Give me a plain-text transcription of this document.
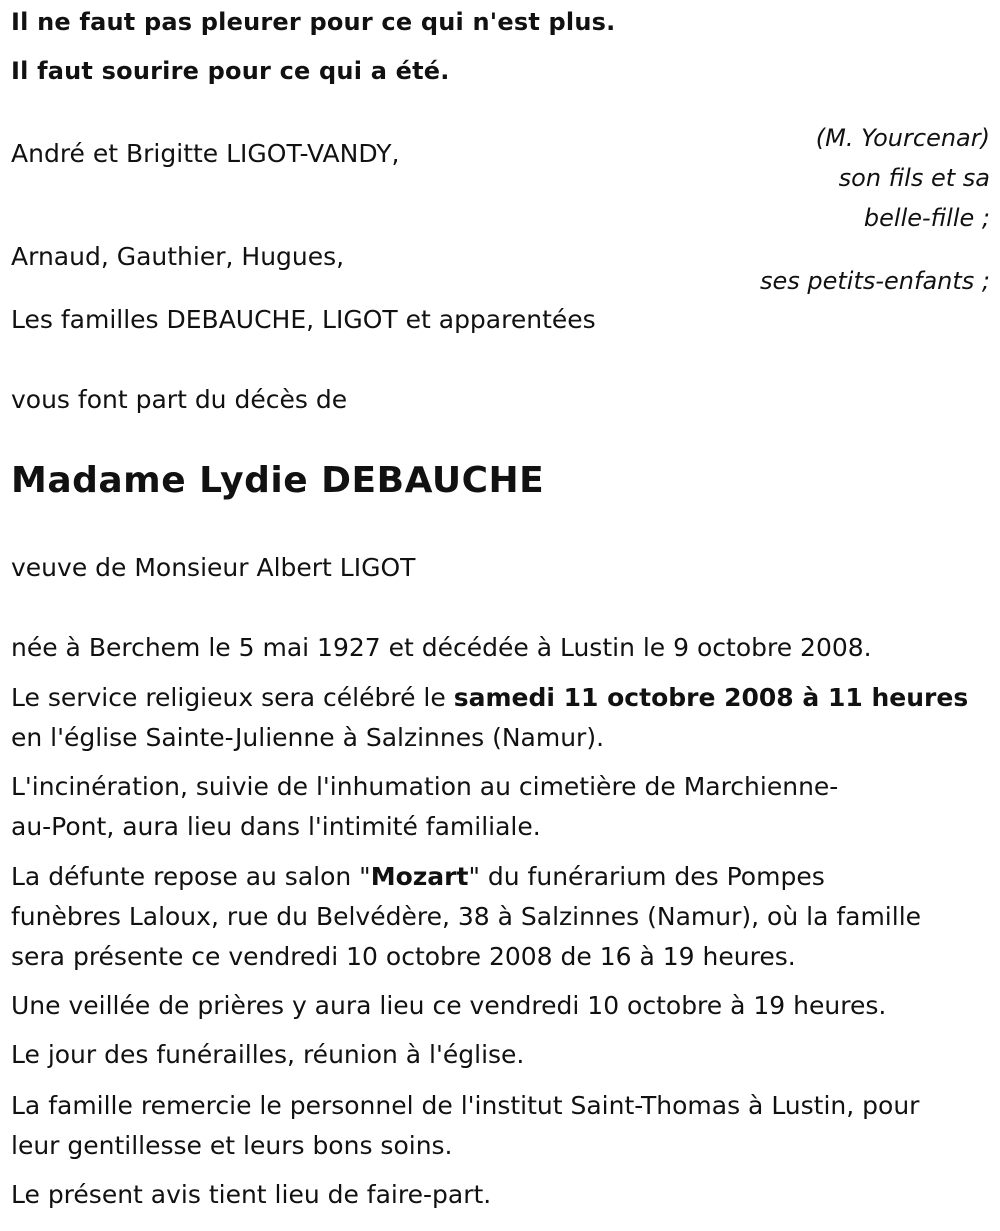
Il ne faut pas pleurer pour ce qui n'est plus.
Il faut sourire pour ce qui a été.
(M. Yourcenar)
André et Brigitte LIGOT-VANDY,
son fils et sa
belle-fille ;
Arnaud, Gauthier, Hugues,
ses petits-enfants ;
Les familles DEBAUCHE, LIGOT et apparentées
vous font part du décès de
Madame Lydie DEBAUCHE
veuve de Monsieur Albert LIGOT
née à Berchem le 5 mai 1927 et décédée à Lustin le 9 octobre 2008.
Le service religieux sera célébré le samedi 11 octobre 2008 à 11 heures
en l'église Sainte-Julienne à Salzinnes (Namur).
L'incinération, suivie de l'inhumation au cimetière de Marchienne-
au-Pont, aura lieu dans l'intimité familiale.
La défunte repose au salon "Mozart" du funérarium des Pompes
funèbres Laloux, rue du Belvédère, 38 à Salzinnes (Namur), où la famille
sera présente ce vendredi 10 octobre 2008 de 16 à 19 heures.
Une veillée de prières y aura lieu ce vendredi 10 octobre à 19 heures.
Le jour des funérailles, réunion à l'église.
La famille remercie le personnel de l'institut Saint-Thomas à Lustin, pour
leur gentillesse et leurs bons soins.
Le présent avis tient lieu de faire-part.
